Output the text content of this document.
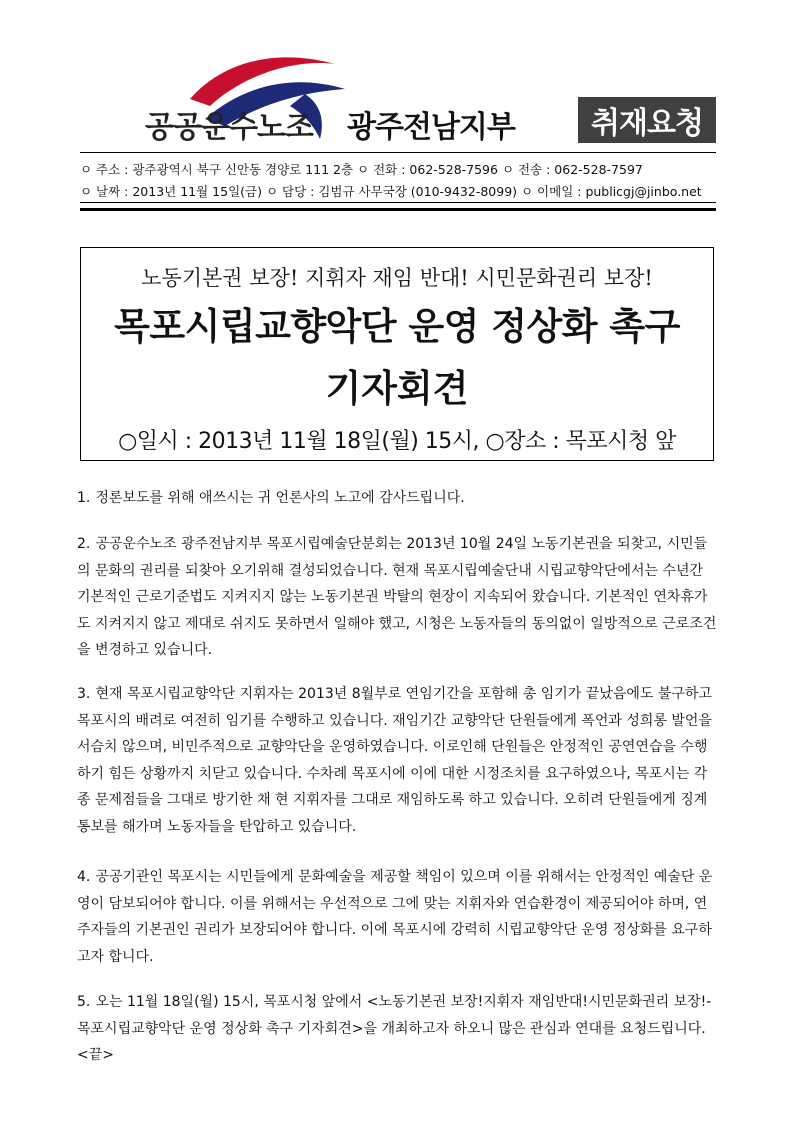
공공운수노조 광주전남지부	취재요청
ㅇ 주소 : 광주광역시 북구 신안동 경양로 111 2층 ㅇ 전화 : 062-528-7596 ㅇ 전송 : 062-528-7597
ㅇ 날짜 : 2013년 11월 15일(금) ㅇ 담당 : 김범규 사무국장 (010-9432-8099) ㅇ 이메일 : publicgj@jinbo.net
노동기본권 보장! 지휘자 재임 반대! 시민문화권리 보장!
목포시립교향악단 운영 정상화 촉구
기자회견
○일시 : 2013년 11월 18일(월) 15시, ○장소 : 목포시청 앞
1. 정론보도를 위해 애쓰시는 귀 언론사의 노고에 감사드립니다.
2. 공공운수노조 광주전남지부 목포시립예술단분회는 2013년 10월 24일 노동기본권을 되찾고, 시민들의 문화의 권리를 되찾아 오기위해 결성되었습니다. 현재 목포시립예술단내 시립교향악단에서는 수년간 기본적인 근로기준법도 지켜지지 않는 노동기본권 박탈의 현장이 지속되어 왔습니다. 기본적인 연차휴가도 지켜지지 않고 제대로 쉬지도 못하면서 일해야 했고, 시청은 노동자들의 동의없이 일방적으로 근로조건을 변경하고 있습니다.
3. 현재 목포시립교향악단 지휘자는 2013년 8월부로 연임기간을 포함해 총 임기가 끝났음에도 불구하고 목포시의 배려로 여전히 임기를 수행하고 있습니다. 재임기간 교향악단 단원들에게 폭언과 성희롱 발언을 서슴치 않으며, 비민주적으로 교향악단을 운영하였습니다. 이로인해 단원들은 안정적인 공연연습을 수행하기 힘든 상황까지 치닫고 있습니다. 수차례 목포시에 이에 대한 시정조치를 요구하였으나, 목포시는 각종 문제점들을 그대로 방기한 채 현 지휘자를 그대로 재임하도록 하고 있습니다. 오히려 단원들에게 징계통보를 해가며 노동자들을 탄압하고 있습니다.
4. 공공기관인 목포시는 시민들에게 문화예술을 제공할 책임이 있으며 이를 위해서는 안정적인 예술단 운영이 담보되어야 합니다. 이를 위해서는 우선적으로 그에 맞는 지휘자와 연습환경이 제공되어야 하며, 연주자들의 기본권인 권리가 보장되어야 합니다. 이에 목포시에 강력히 시립교향악단 운영 정상화를 요구하고자 합니다.
5. 오는 11월 18일(월) 15시, 목포시청 앞에서 <노동기본권 보장!지휘자 재임반대!시민문화권리 보장!-목포시립교향악단 운영 정상화 촉구 기자회견>을 개최하고자 하오니 많은 관심과 연대를 요청드립니다. <끝>
